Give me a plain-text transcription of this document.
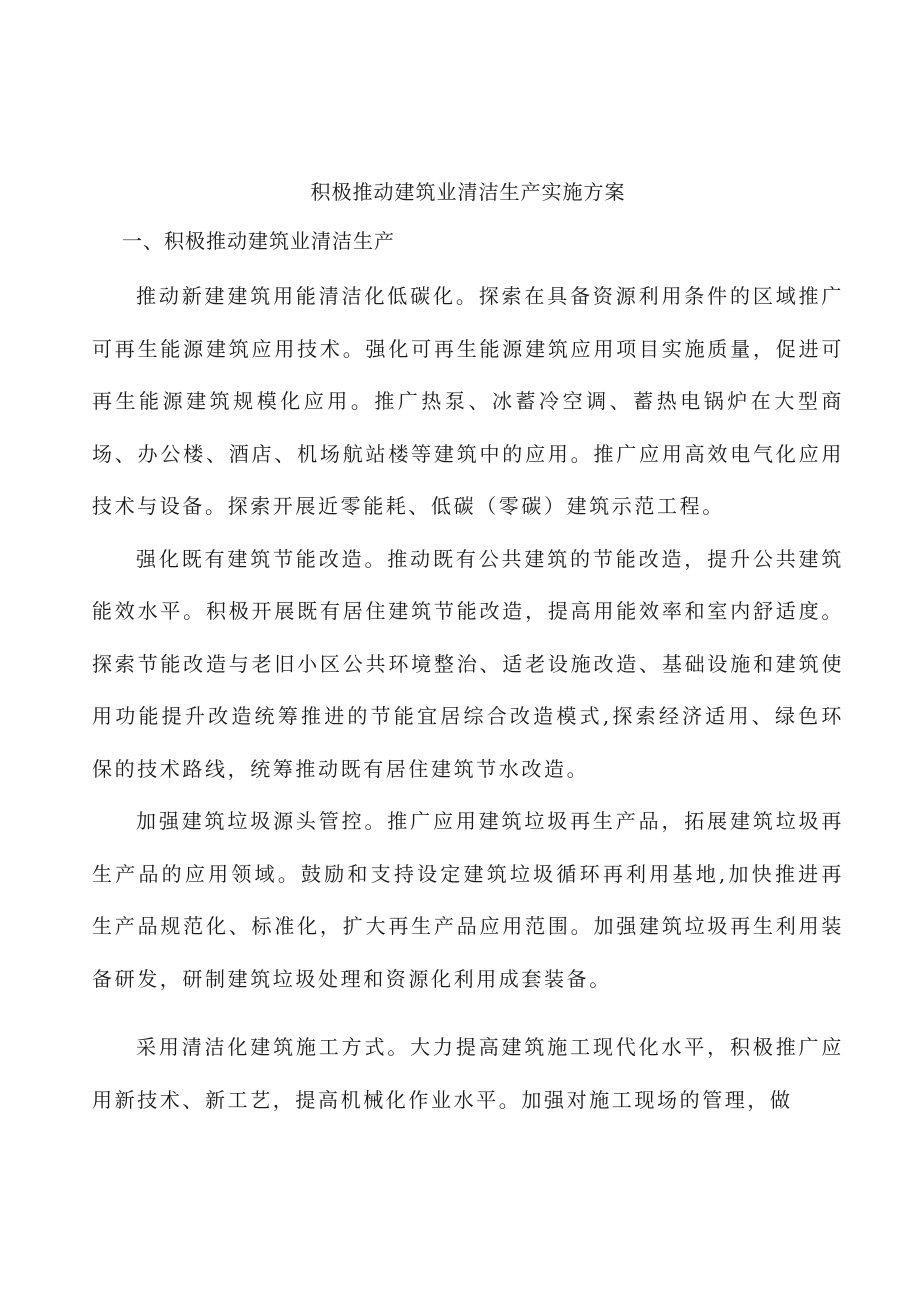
积极推动建筑业清洁生产实施方案
一、积极推动建筑业清洁生产

推动新建建筑用能清洁化低碳化。探索在具备资源利用条件的区域推广可再生能源建筑应用技术。强化可再生能源建筑应用项目实施质量，促进可再生能源建筑规模化应用。推广热泵、冰蓄冷空调、蓄热电锅炉在大型商场、办公楼、酒店、机场航站楼等建筑中的应用。推广应用高效电气化应用技术与设备。探索开展近零能耗、低碳（零碳）建筑示范工程。

强化既有建筑节能改造。推动既有公共建筑的节能改造，提升公共建筑能效水平。积极开展既有居住建筑节能改造，提高用能效率和室内舒适度。探索节能改造与老旧小区公共环境整治、适老设施改造、基础设施和建筑使用功能提升改造统筹推进的节能宜居综合改造模式,探索经济适用、绿色环保的技术路线，统筹推动既有居住建筑节水改造。

加强建筑垃圾源头管控。推广应用建筑垃圾再生产品，拓展建筑垃圾再生产品的应用领域。鼓励和支持设定建筑垃圾循环再利用基地,加快推进再生产品规范化、标准化，扩大再生产品应用范围。加强建筑垃圾再生利用装备研发，研制建筑垃圾处理和资源化利用成套装备。

采用清洁化建筑施工方式。大力提高建筑施工现代化水平，积极推广应用新技术、新工艺，提高机械化作业水平。加强对施工现场的管理，做
